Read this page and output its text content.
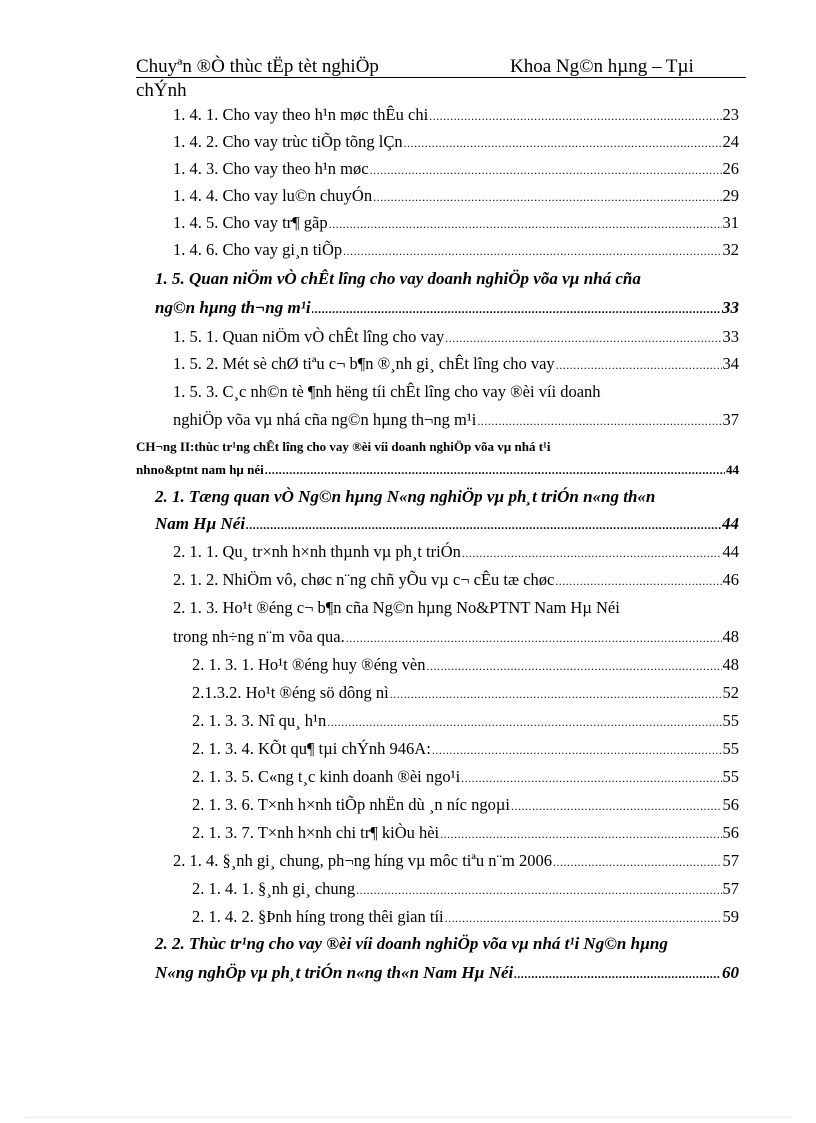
Chuyªn ®Ò thùc tËp tèt nghiÖp	Khoa Ng©n hµng – Tµi
chÝnh
1. 4. 1. Cho vay theo h¹n møc thÊu chi .....	23
1. 4. 2. Cho vay trùc tiÕp tõng lÇn .....	24
1. 4. 3. Cho vay theo h¹n møc .....	26
1. 4. 4. Cho vay lu©n chuyÓn .....	29
1. 4. 5. Cho vay tr¶ gãp .....	31
1. 4. 6. Cho vay gi¸n tiÕp .....	32
1. 5. Quan niÖm vÒ chÊt lîng cho vay doanh nghiÖp võa vµ nhá cña
ng©n hµng th¬ng m¹i .....	33
1. 5. 1. Quan niÖm vÒ chÊt lîng cho vay .....	33
1. 5. 2. Mét sè chØ tiªu c¬ b¶n ®¸nh gi¸ chÊt lîng cho vay .....	34
1. 5. 3. C¸c nh©n tè ¶nh hëng tíi chÊt lîng cho vay ®èi víi doanh
nghiÖp võa vµ nhá cña ng©n hµng th¬ng m¹i .....	37
CH¬ng II:thùc tr¹ng chÊt lîng cho vay ®èi víi doanh nghiÖp võa vµ nhá t¹i
nhno&ptnt nam hµ néi .....	44
2. 1. Tæng quan vÒ Ng©n hµng N«ng nghiÖp vµ ph¸t triÓn n«ng th«n
Nam Hµ Néi .....	44
2. 1. 1. Qu¸ tr×nh h×nh thµnh vµ ph¸t triÓn .....	44
2. 1. 2. NhiÖm vô, chøc n¨ng chñ yÕu vµ c¬ cÊu tæ chøc .....	46
2. 1. 3. Ho¹t ®éng c¬ b¶n cña Ng©n hµng No&PTNT Nam Hµ Néi
trong nh÷ng n¨m võa qua. .....	48
2. 1. 3. 1. Ho¹t ®éng huy ®éng vèn .....	48
2.1.3.2. Ho¹t ®éng sö dông nì .....	52
2. 1. 3. 3. Nî qu¸ h¹n .....	55
2. 1. 3. 4. KÕt qu¶ tµi chÝnh 946A: .....	55
2. 1. 3. 5. C«ng t¸c kinh doanh ®èi ngo¹i .....	55
2. 1. 3. 6. T×nh h×nh tiÕp nhËn dù ¸n níc ngoµi .....	56
2. 1. 3. 7. T×nh h×nh chi tr¶ kiÒu hèi .....	56
2. 1. 4. §¸nh gi¸ chung, ph¬ng híng vµ môc tiªu n¨m 2006 .....	57
2. 1. 4. 1. §¸nh gi¸ chung .....	57
2. 1. 4. 2. §Þnh híng trong thêi gian tíi .....	59
2. 2. Thùc tr¹ng cho vay ®èi víi doanh nghiÖp võa vµ nhá t¹i Ng©n hµng
N«ng nghÖp vµ ph¸t triÓn n«ng th«n Nam Hµ Néi .....	60
